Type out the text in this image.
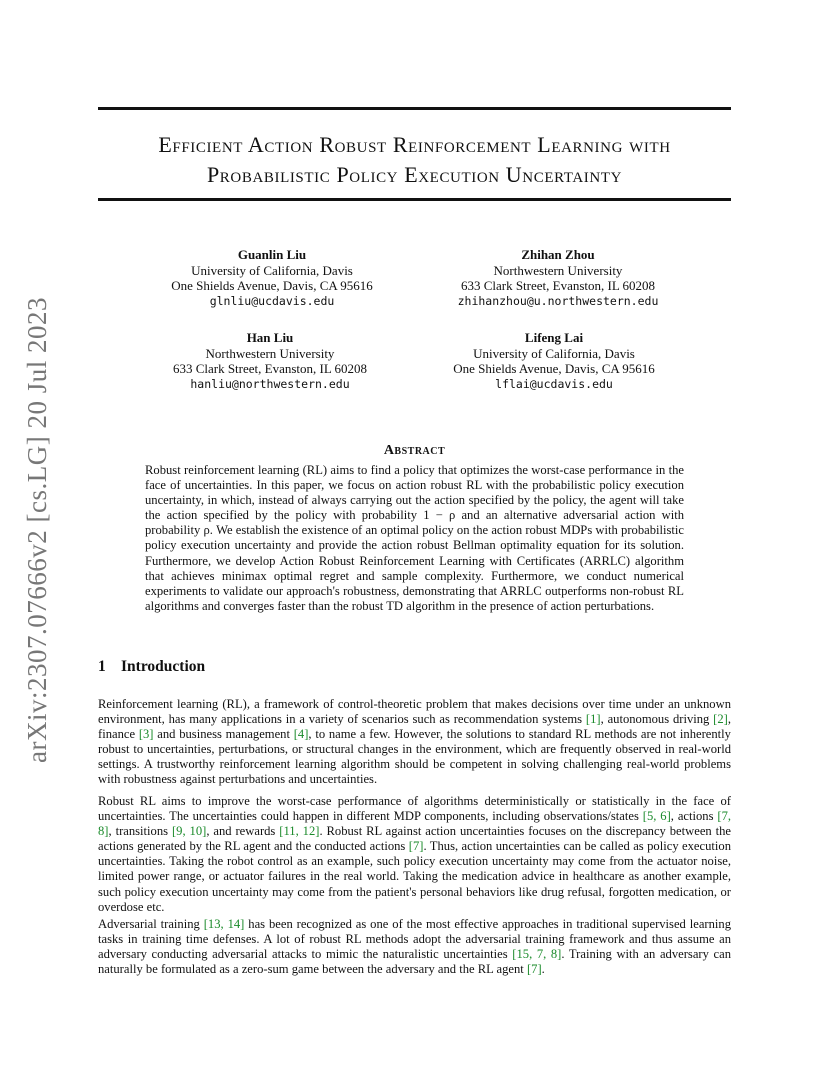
Efficient Action Robust Reinforcement Learning with
Probabilistic Policy Execution Uncertainty
arXiv:2307.07666v2 [cs.LG] 20 Jul 2023
Guanlin Liu
University of California, Davis
One Shields Avenue, Davis, CA 95616
glnliu@ucdavis.edu
Zhihan Zhou
Northwestern University
633 Clark Street, Evanston, IL 60208
zhihanzhou@u.northwestern.edu
Han Liu
Northwestern University
633 Clark Street, Evanston, IL 60208
hanliu@northwestern.edu
Lifeng Lai
University of California, Davis
One Shields Avenue, Davis, CA 95616
lflai@ucdavis.edu
Abstract
Robust reinforcement learning (RL) aims to find a policy that optimizes the worst-case performance in the face of uncertainties. In this paper, we focus on action robust RL with the probabilistic policy execution uncertainty, in which, instead of always carrying out the action specified by the policy, the agent will take the action specified by the policy with probability 1 − ρ and an alternative adversarial action with probability ρ. We establish the existence of an optimal policy on the action robust MDPs with probabilistic policy execution uncertainty and provide the action robust Bellman optimality equation for its solution. Furthermore, we develop Action Robust Reinforcement Learning with Certificates (ARRLC) algorithm that achieves minimax optimal regret and sample complexity. Furthermore, we conduct numerical experiments to validate our approach's robustness, demonstrating that ARRLC outperforms non-robust RL algorithms and converges faster than the robust TD algorithm in the presence of action perturbations.
1 Introduction

Reinforcement learning (RL), a framework of control-theoretic problem that makes decisions over time under an unknown environment, has many applications in a variety of scenarios such as recommendation systems [1], autonomous driving [2], finance [3] and business management [4], to name a few. However, the solutions to standard RL methods are not inherently robust to uncertainties, perturbations, or structural changes in the environment, which are frequently observed in real-world settings. A trustworthy reinforcement learning algorithm should be competent in solving challenging real-world problems with robustness against perturbations and uncertainties.

Robust RL aims to improve the worst-case performance of algorithms deterministically or statistically in the face of uncertainties. The uncertainties could happen in different MDP components, including observations/states [5, 6], actions [7, 8], transitions [9, 10], and rewards [11, 12]. Robust RL against action uncertainties focuses on the discrepancy between the actions generated by the RL agent and the conducted actions [7]. Thus, action uncertainties can be called as policy execution uncertainties. Taking the robot control as an example, such policy execution uncertainty may come from the actuator noise, limited power range, or actuator failures in the real world. Taking the medication advice in healthcare as another example, such policy execution uncertainty may come from the patient's personal behaviors like drug refusal, forgotten medication, or overdose etc.

Adversarial training [13, 14] has been recognized as one of the most effective approaches in traditional supervised learning tasks in training time defenses. A lot of robust RL methods adopt the adversarial training framework and thus assume an adversary conducting adversarial attacks to mimic the naturalistic uncertainties [15, 7, 8]. Training with an adversary can naturally be formulated as a zero-sum game between the adversary and the RL agent [7].
